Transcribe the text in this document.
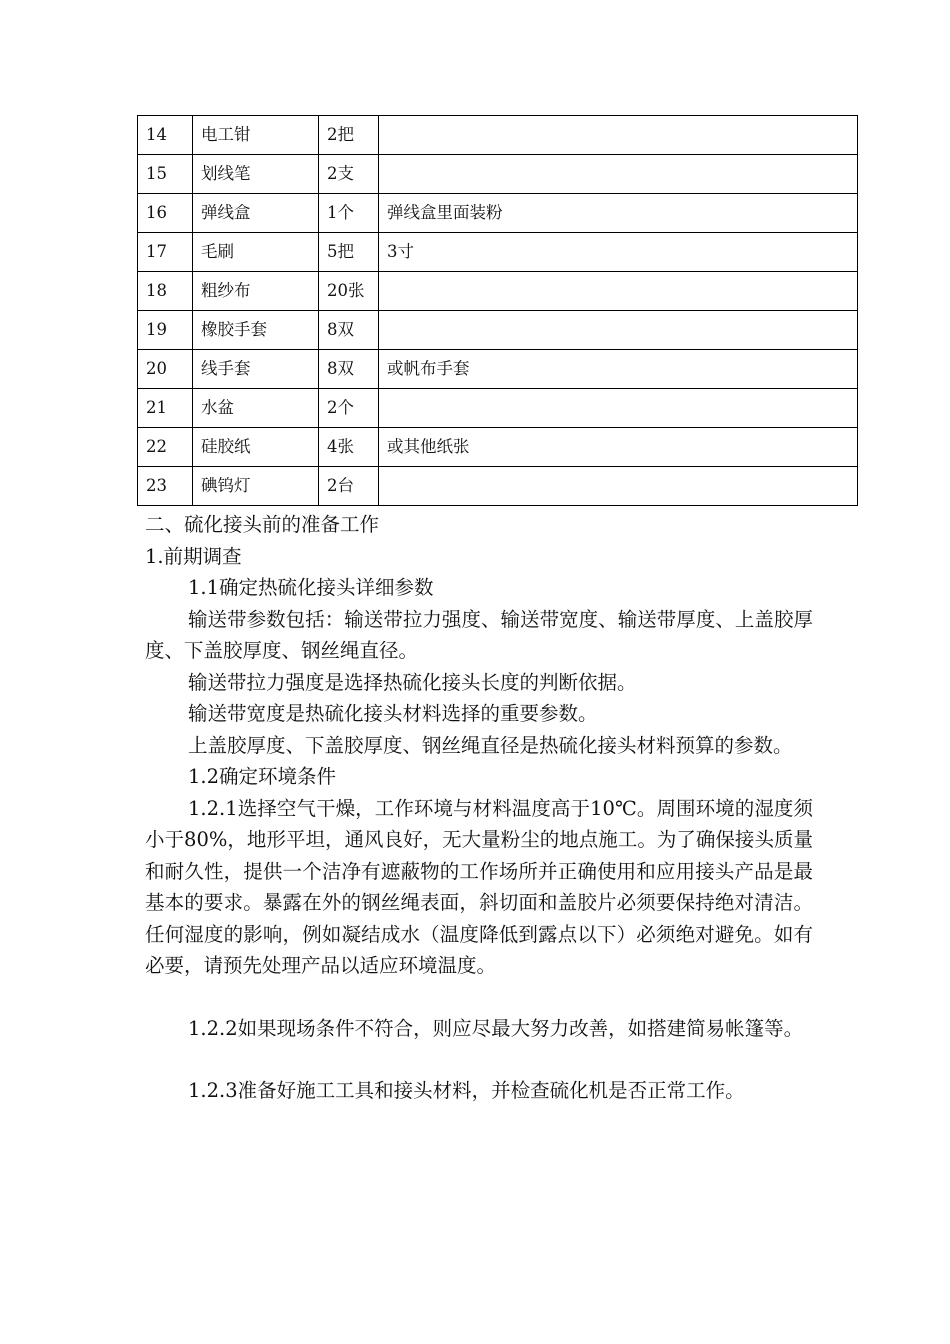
14	电工钳	2把	
15	划线笔	2支	
16	弹线盒	1个	弹线盒里面装粉
17	毛刷	5把	3寸
18	粗纱布	20张	
19	橡胶手套	8双	
20	线手套	8双	或帆布手套
21	水盆	2个	
22	硅胶纸	4张	或其他纸张
23	碘钨灯	2台	

二、硫化接头前的准备工作

1.前期调查

1.1确定热硫化接头详细参数

输送带参数包括：输送带拉力强度、输送带宽度、输送带厚度、上盖胶厚度、下盖胶厚度、钢丝绳直径。

输送带拉力强度是选择热硫化接头长度的判断依据。

输送带宽度是热硫化接头材料选择的重要参数。

上盖胶厚度、下盖胶厚度、钢丝绳直径是热硫化接头材料预算的参数。

1.2确定环境条件

1.2.1选择空气干燥，工作环境与材料温度高于10℃。周围环境的湿度须小于80%，地形平坦，通风良好，无大量粉尘的地点施工。为了确保接头质量和耐久性，提供一个洁净有遮蔽物的工作场所并正确使用和应用接头产品是最基本的要求。暴露在外的钢丝绳表面，斜切面和盖胶片必须要保持绝对清洁。任何湿度的影响，例如凝结成水（温度降低到露点以下）必须绝对避免。如有必要，请预先处理产品以适应环境温度。

1.2.2如果现场条件不符合，则应尽最大努力改善，如搭建简易帐篷等。

1.2.3准备好施工工具和接头材料，并检查硫化机是否正常工作。
